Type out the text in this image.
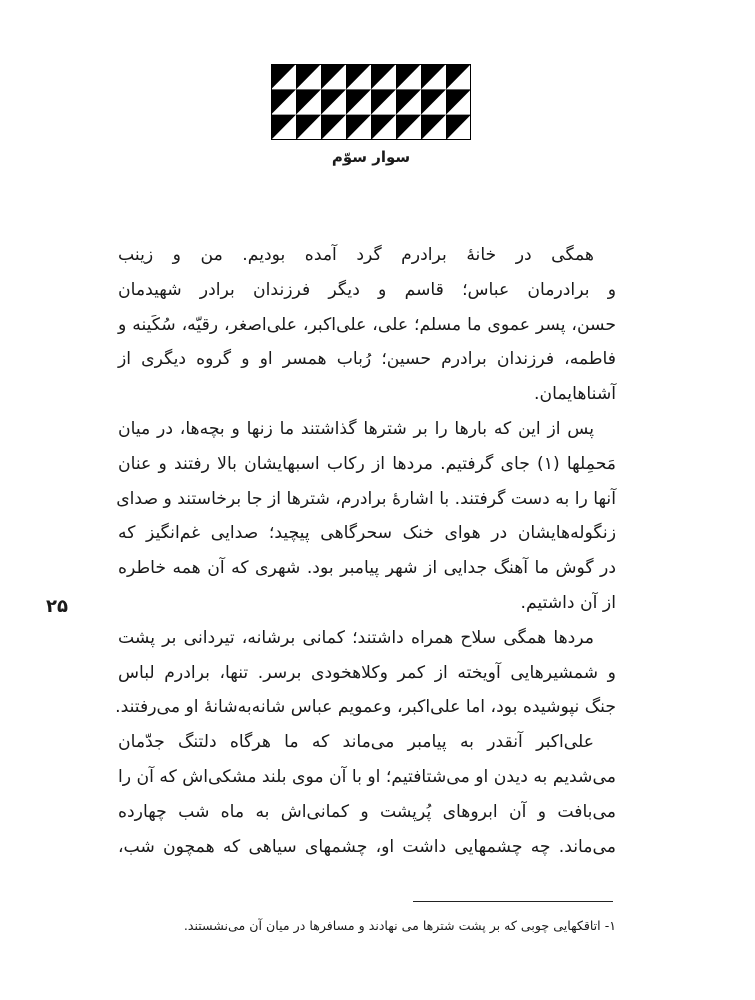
سوار سوّم
همگی در خانهٔ برادرم گرد آمده بودیم. من و زینب
و برادرمان عباس؛ قاسم و دیگر فرزندان برادر شهیدمان
حسن، پسر عموی ما مسلم؛ علی، علی‌اکبر، علی‌اصغر، رقیّه، سُکَینه و
فاطمه، فرزندان برادرم حسین؛ رُباب همسر او و گروه دیگری از
آشناهایمان.
پس از این که بارها را بر شترها گذاشتند ما زنها و بچه‌ها، در میان
مَحمِلها (۱) جای گرفتیم. مردها از رکاب اسبهایشان بالا رفتند و عنان
آنها را به دست گرفتند. با اشارهٔ برادرم، شترها از جا برخاستند و صدای
زنگوله‌هایشان در هوای خنک سحرگاهی پیچید؛ صدایی غم‌انگیز که
در گوش ما آهنگ جدایی از شهر پیامبر بود. شهری که آن همه خاطره
از آن داشتیم.
مردها همگی سلاح همراه داشتند؛ کمانی برشانه، تیردانی بر پشت
و شمشیرهایی آویخته از کمر وکلاهخودی برسر. تنها، برادرم لباس
جنگ نپوشیده بود، اما علی‌اکبر، وعمویم عباس شانه‌به‌شانهٔ او می‌رفتند.
علی‌اکبر آنقدر به پیامبر می‌ماند که ما هرگاه دلتنگ جدّمان
می‌شدیم به دیدن او می‌شتافتیم؛ او با آن موی بلند مشکی‌اش که آن را
می‌بافت و آن ابروهای پُرپشت و کمانی‌اش به ماه شب چهارده
می‌ماند. چه چشمهایی داشت او، چشمهای سیاهی که همچون شب،
۲۵
۱- اتاقکهایی چوبی که بر پشت شترها می نهادند و مسافرها در میان آن می‌نشستند.
